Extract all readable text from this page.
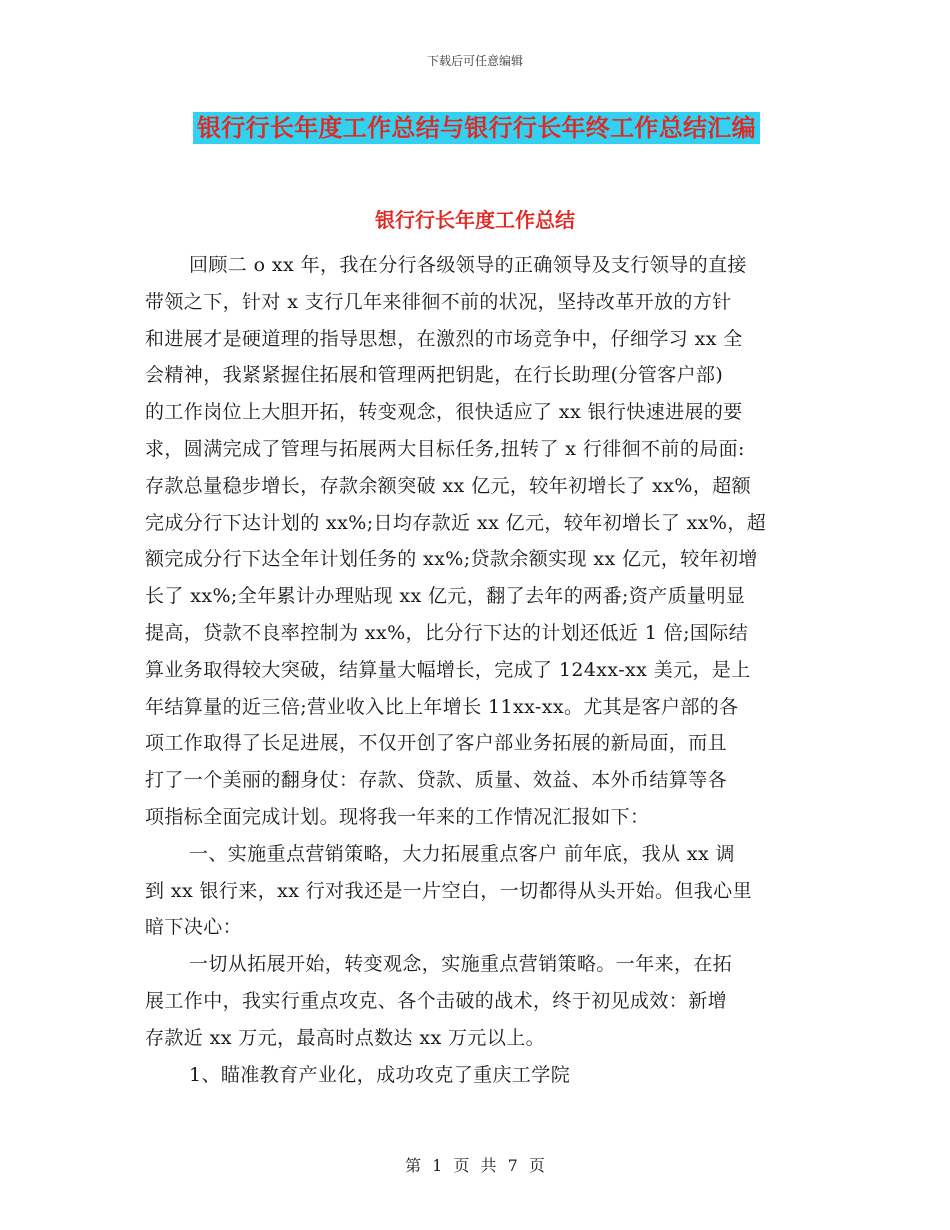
下载后可任意编辑
银行行长年度工作总结与银行行长年终工作总结汇编
银行行长年度工作总结
回顾二 o xx 年，我在分行各级领导的正确领导及支行领导的直接
带领之下，针对 x 支行几年来徘徊不前的状况，坚持改革开放的方针
和进展才是硬道理的指导思想，在激烈的市场竞争中，仔细学习 xx 全
会精神，我紧紧握住拓展和管理两把钥匙，在行长助理(分管客户部)
的工作岗位上大胆开拓，转变观念，很快适应了 xx 银行快速进展的要
求，圆满完成了管理与拓展两大目标任务,扭转了 x 行徘徊不前的局面:
存款总量稳步增长，存款余额突破 xx 亿元，较年初增长了 xx%，超额
完成分行下达计划的 xx%;日均存款近 xx 亿元，较年初增长了 xx%，超
额完成分行下达全年计划任务的 xx%;贷款余额实现 xx 亿元，较年初增
长了 xx%;全年累计办理贴现 xx 亿元，翻了去年的两番;资产质量明显
提高，贷款不良率控制为 xx%，比分行下达的计划还低近 1 倍;国际结
算业务取得较大突破，结算量大幅增长，完成了 124xx-xx 美元，是上
年结算量的近三倍;营业收入比上年增长 11xx-xx。尤其是客户部的各
项工作取得了长足进展，不仅开创了客户部业务拓展的新局面，而且
打了一个美丽的翻身仗：存款、贷款、质量、效益、本外币结算等各
项指标全面完成计划。现将我一年来的工作情况汇报如下：
一、实施重点营销策略，大力拓展重点客户 前年底，我从 xx 调
到 xx 银行来，xx 行对我还是一片空白，一切都得从头开始。但我心里
暗下决心：
一切从拓展开始，转变观念，实施重点营销策略。一年来，在拓
展工作中，我实行重点攻克、各个击破的战术，终于初见成效：新增
存款近 xx 万元，最高时点数达 xx 万元以上。
1、瞄准教育产业化，成功攻克了重庆工学院
第 1 页 共 7 页
